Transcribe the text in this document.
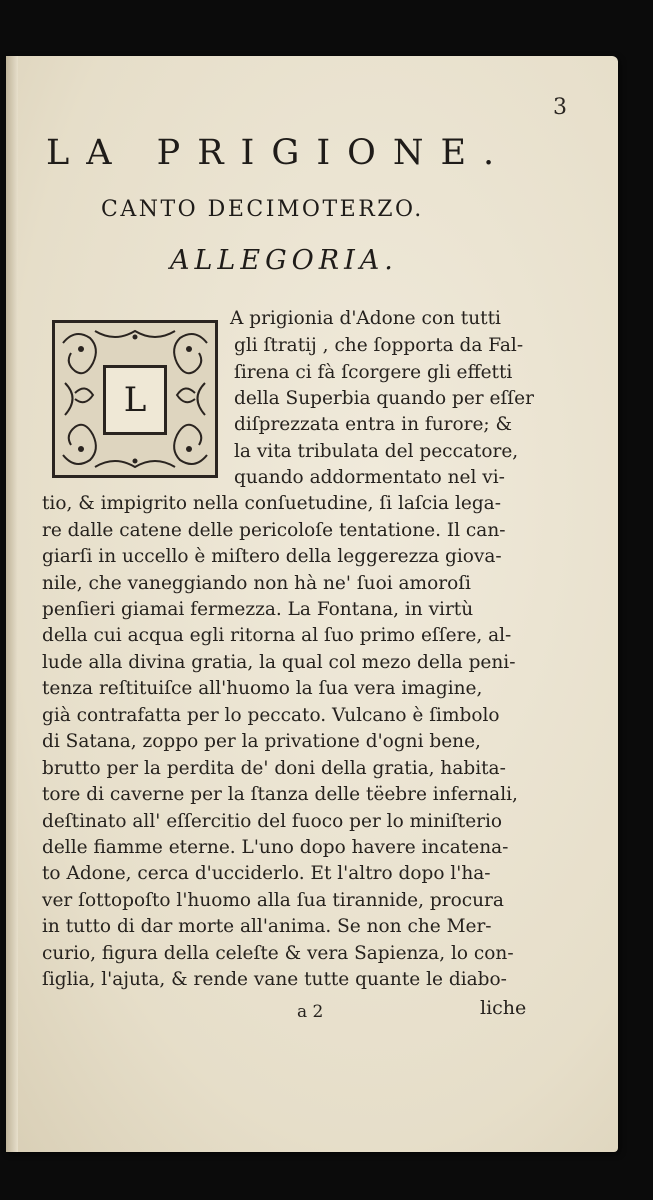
3
LA PRIGIONE.
CANTO DECIMOTERZO.
ALLEGORIA.
L
A prigionia d'Adone con tutti
gli ſtratij , che ſopporta da Fal-
ſirena ci fà ſcorgere gli effetti
della Superbia quando per eſſer
diſprezzata entra in furore; &
la vita tribulata del peccatore,
quando addormentato nel vi-
tio, & impigrito nella conſuetudine, ſi laſcia lega-
re dalle catene delle pericoloſe tentatione. Il can-
giarſi in uccello è miſtero della leggerezza giova-
nile, che vaneggiando non hà ne' ſuoi amoroſi
penſieri giamai fermezza. La Fontana, in virtù
della cui acqua egli ritorna al ſuo primo eſſere, al-
lude alla divina gratia, la qual col mezo della peni-
tenza reſtituiſce all'huomo la ſua vera imagine,
già contrafatta per lo peccato. Vulcano è ſimbolo
di Satana, zoppo per la privatione d'ogni bene,
brutto per la perdita de' doni della gratia, habita-
tore di caverne per la ſtanza delle tëebre infernali,
deſtinato all' eſſercitio del fuoco per lo miniſterio
delle fiamme eterne. L'uno dopo havere incatena-
to Adone, cerca d'ucciderlo. Et l'altro dopo l'ha-
ver ſottopoſto l'huomo alla ſua tirannide, procura
in tutto di dar morte all'anima. Se non che Mer-
curio, figura della celeſte & vera Sapienza, lo con-
ſiglia, l'ajuta, & rende vane tutte quante le diabo-
a 2	liche
